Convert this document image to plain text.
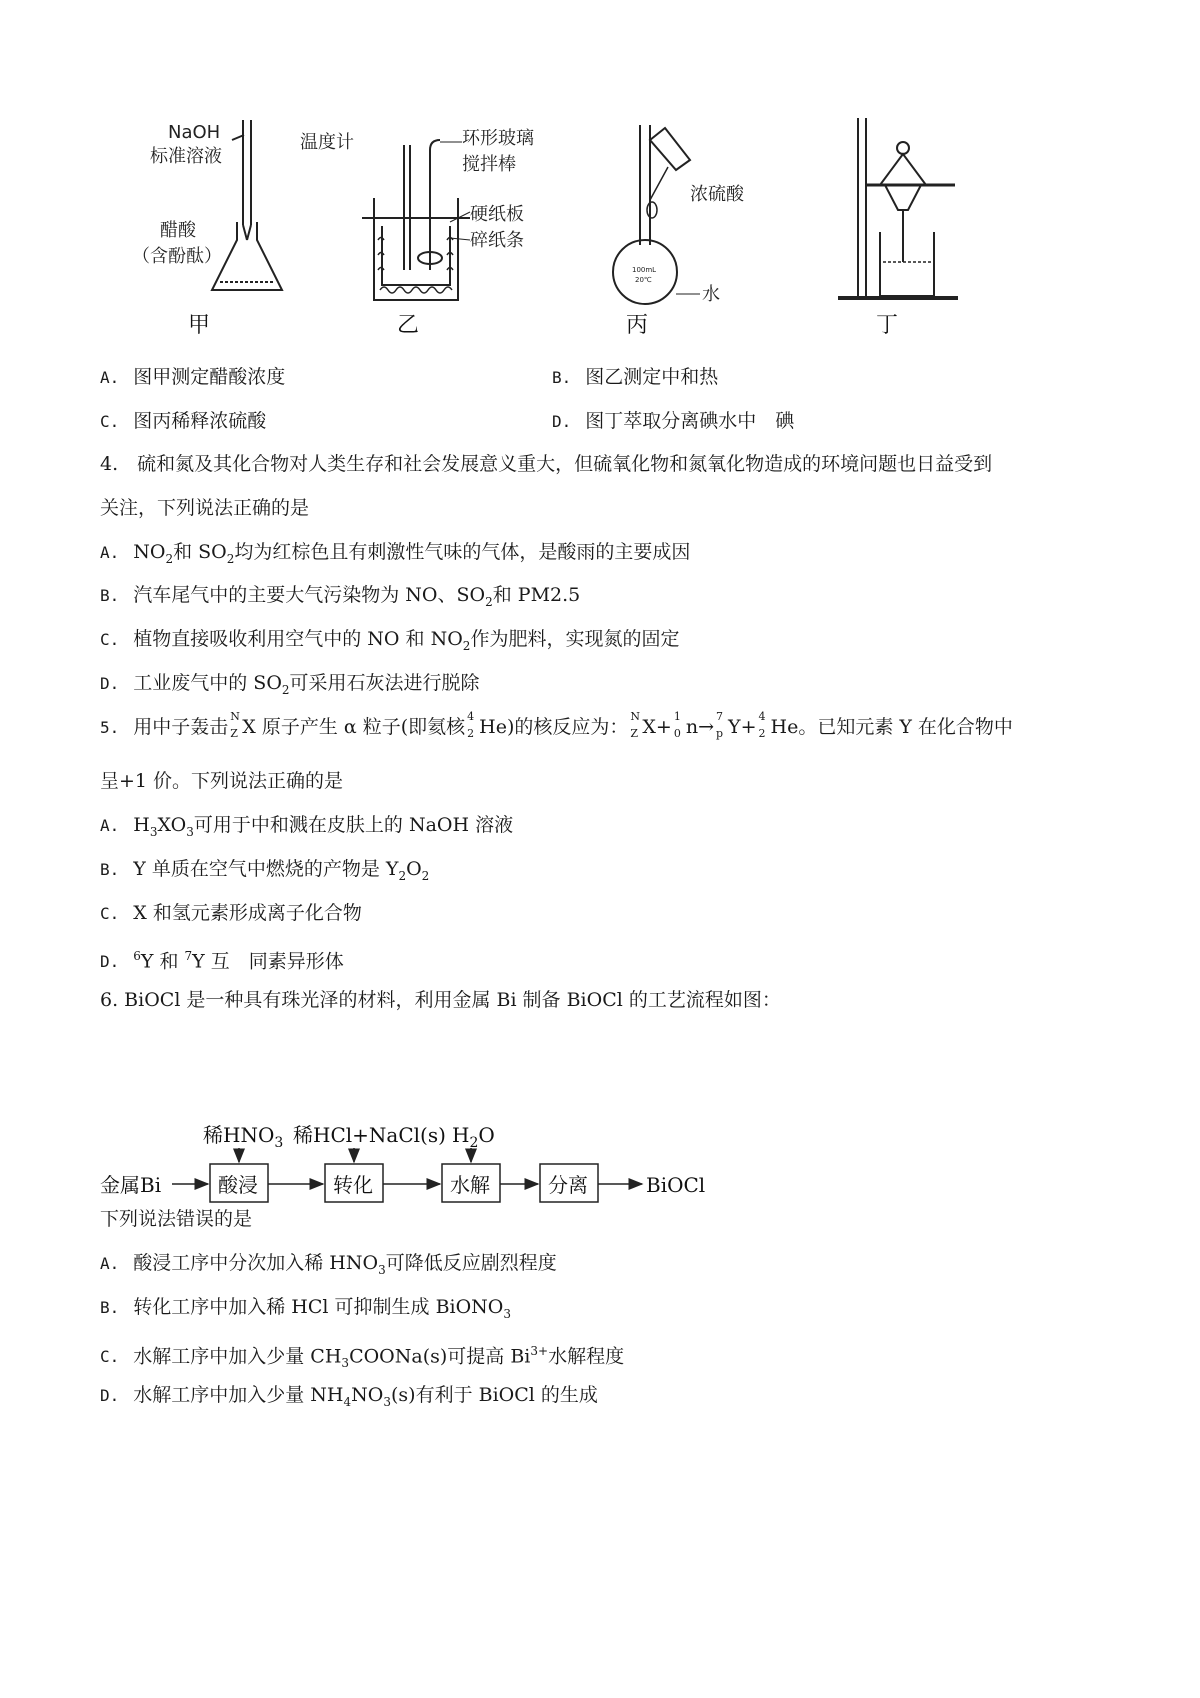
NaOH
标准溶液
醋酸
（含酚酞）
温度计	环形玻璃
搅拌棒
硬纸板
碎纸条
浓硫酸
水
100mL
20℃
甲	乙	丙	丁
A. 图甲测定醋酸浓度	B. 图乙测定中和热
C. 图丙稀释浓硫酸	D. 图丁萃取分离碘水中　碘
4.　硫和氮及其化合物对人类生存和社会发展意义重大，但硫氧化物和氮氧化物造成的环境问题也日益受到
关注，下列说法正确的是
A. $NO_2$和 $SO_2$均为红棕色且有刺激性气味的气体，是酸雨的主要成因
B. 汽车尾气中的主要大气污染物为 NO、$SO_2$和 PM2.5
C. 植物直接吸收利用空气中的 NO 和 $NO_2$作为肥料，实现氮的固定
D. 工业废气中的 $SO_2$可采用石灰法进行脱除
5. 用中子轰击 N
Z X 原子产生 α 粒子(即氦核 4
2 He)的核反应为： N
Z X+ 1
0 n→ 7
p Y+ 4
2 He。已知元素 Y 在化合物中
呈+1 价。下列说法正确的是
A. $H_3XO_3$可用于中和溅在皮肤上的 NaOH 溶液
B. Y 单质在空气中燃烧的产物是 $Y_2O_2$
C. X 和氢元素形成离子化合物
D. $^6$Y 和 $^7$Y 互　同素异形体
6. BiOCl 是一种具有珠光泽的材料，利用金属 Bi 制备 BiOCl 的工艺流程如图：
金属Bi	BiOCl
稀$HNO_3$ 稀HCl+NaCl(s) $H_2O$
酸浸	转化	水解	分离
下列说法错误的是
A. 酸浸工序中分次加入稀 $HNO_3$可降低反应剧烈程度
B. 转化工序中加入稀 HCl 可抑制生成 BiONO$_3$
C. 水解工序中加入少量 $CH_3COONa(s)$可提高 $Bi^{3+}$水解程度
D. 水解工序中加入少量 $NH_4NO_3(s)$有利于 BiOCl 的生成
